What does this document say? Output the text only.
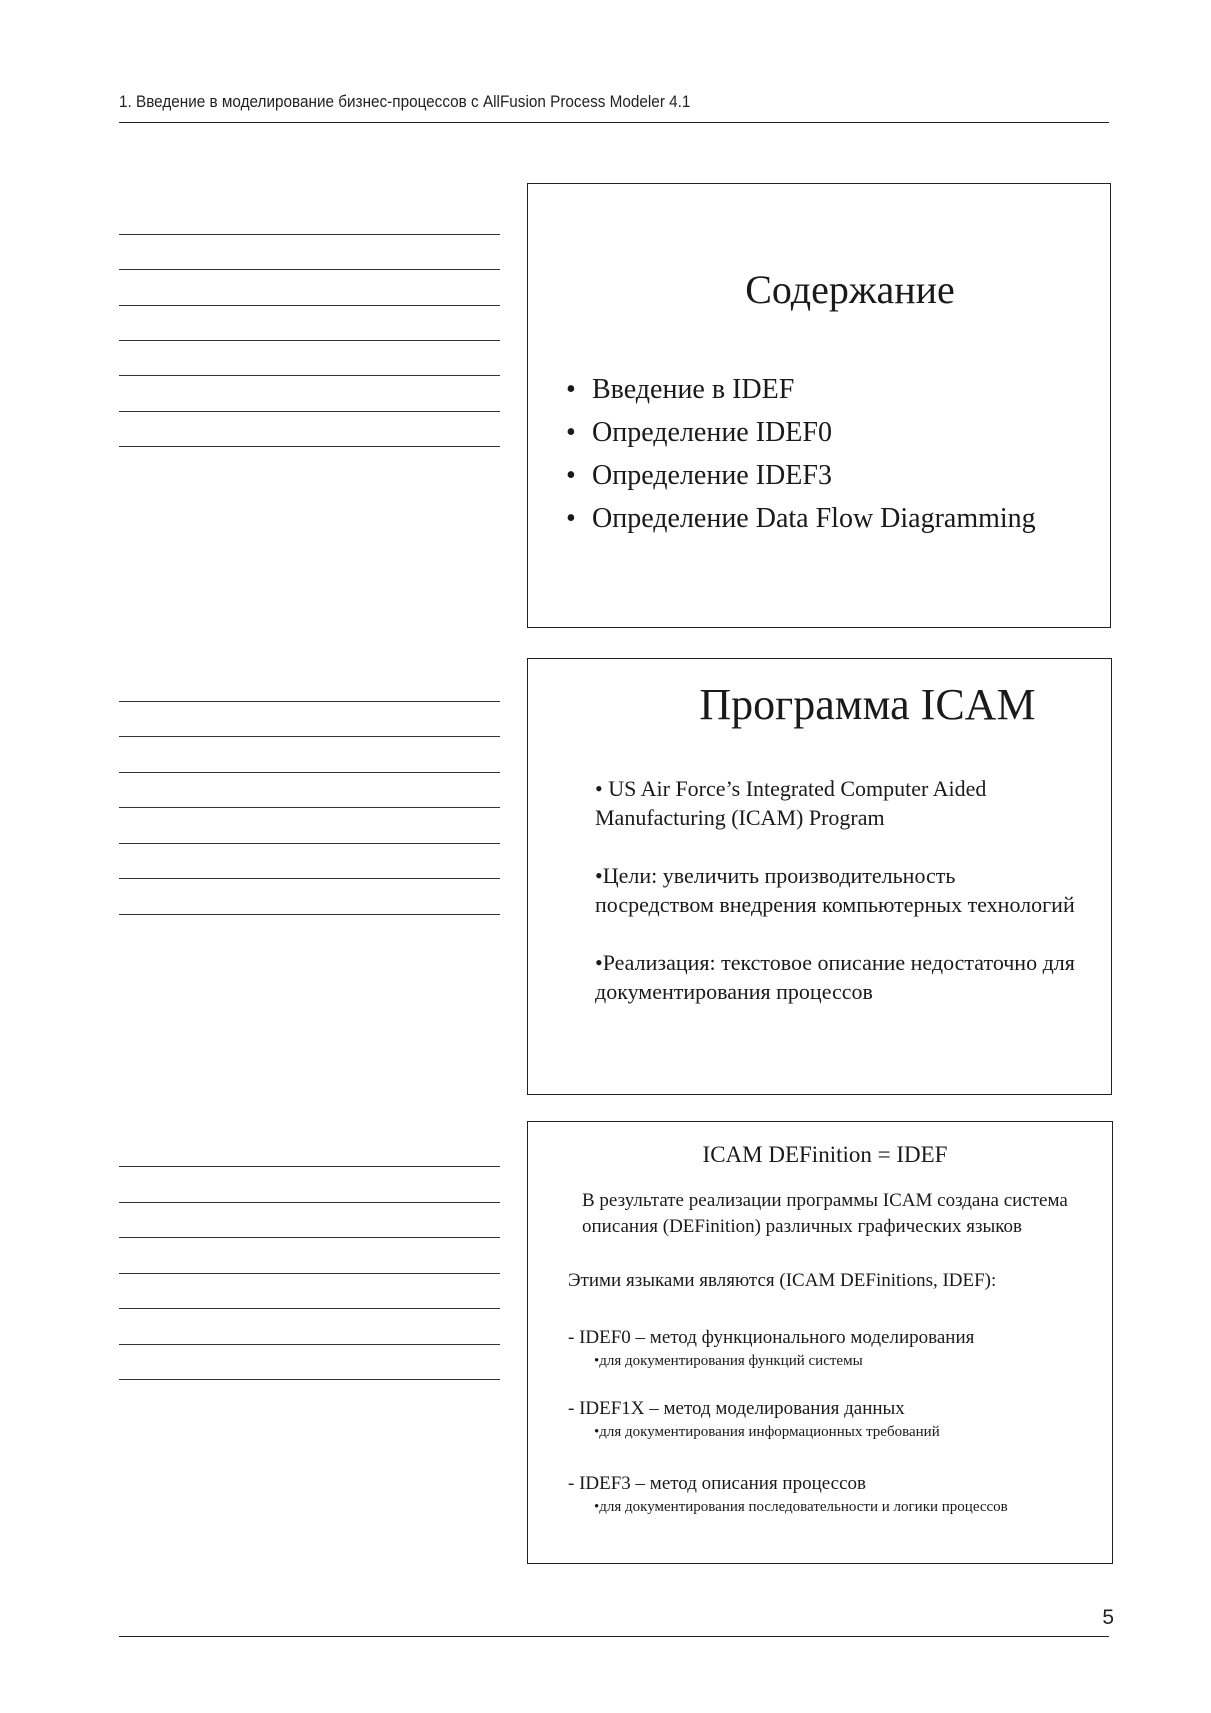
1. Введение в моделирование бизнес-процессов с AllFusion Process Modeler 4.1
Содержание
• Введение в IDEF
• Определение IDEF0
• Определение IDEF3
• Определение Data Flow Diagramming
Программа ICAM

• US Air Force’s Integrated Computer Aided Manufacturing (ICAM) Program

•Цели: увеличить производительность посредством внедрения компьютерных технологий

•Реализация: текстовое описание недостаточно для документирования процессов

ICAM DEFinition = IDEF
В результате реализации программы ICAM создана система описания (DEFinition) различных графических языков
Этими языками являются (ICAM DEFinitions, IDEF):
- IDEF0 – метод функционального моделирования
•для документирования функций системы
- IDEF1X – метод моделирования данных
•для документирования информационных требований
- IDEF3 – метод описания процессов
•для документирования последовательности и логики процессов
5
